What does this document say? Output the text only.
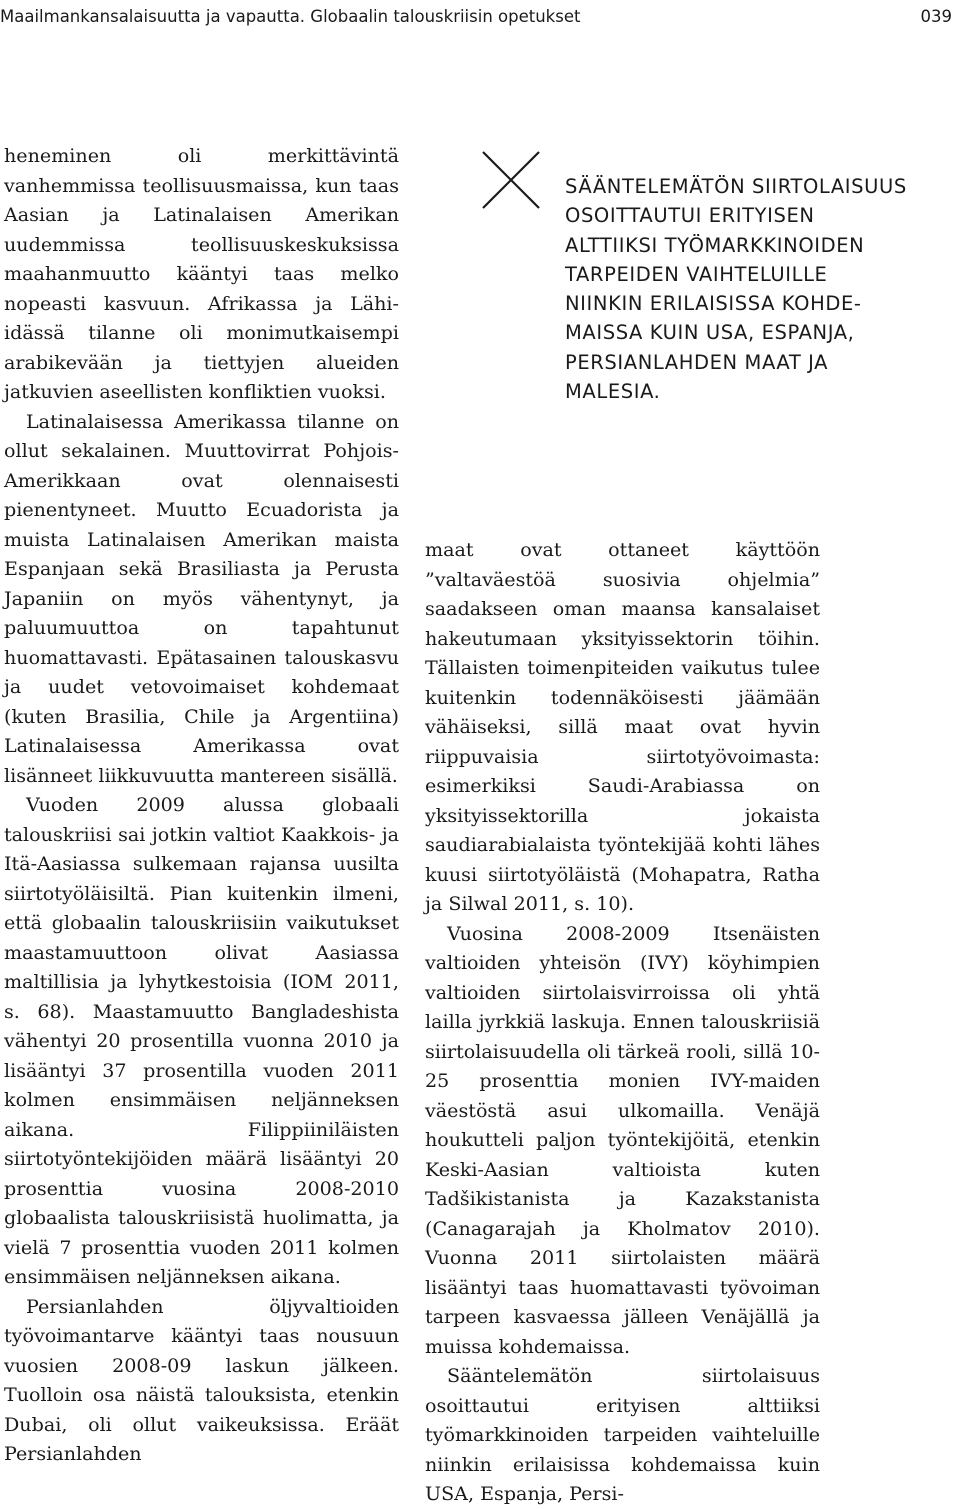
Maailmankansalaisuutta ja vapautta. Globaalin talouskriisin opetukset	039
SÄÄNTELEMÄTÖN SIIRTOLAISUUS
OSOITTAUTUI ERITYISEN
ALTTIIKSI TYÖMARKKINOIDEN
TARPEIDEN VAIHTELUILLE
NIINKIN ERILAISISSA KOHDE-
MAISSA KUIN USA, ESPANJA,
PERSIANLAHDEN MAAT JA
MALESIA.

heneminen oli merkittävintä vanhemmissa teollisuusmaissa, kun taas Aasian ja Latinalaisen Amerikan uudemmissa teollisuuskeskuksissa maahanmuutto kääntyi taas melko nopeasti kasvuun. Afrikassa ja Lähi-idässä tilanne oli monimutkaisempi arabikevään ja tiettyjen alueiden jatkuvien aseellisten konfliktien vuoksi.

Latinalaisessa Amerikassa tilanne on ollut sekalainen. Muuttovirrat Pohjois-Amerikkaan ovat olennaisesti pienentyneet. Muutto Ecuadorista ja muista Latinalaisen Amerikan maista Espanjaan sekä Brasiliasta ja Perusta Japaniin on myös vähentynyt, ja paluumuuttoa on tapahtunut huomattavasti. Epätasainen talouskasvu ja uudet vetovoimaiset kohdemaat (kuten Brasilia, Chile ja Argentiina) Latinalaisessa Amerikassa ovat lisänneet liikkuvuutta mantereen sisällä.

Vuoden 2009 alussa globaali talouskriisi sai jotkin valtiot Kaakkois- ja Itä-Aasiassa sulkemaan rajansa uusilta siirtotyöläisiltä. Pian kuitenkin ilmeni, että globaalin talouskriisiin vaikutukset maastamuuttoon olivat Aasiassa maltillisia ja lyhytkestoisia (IOM 2011, s. 68). Maastamuutto Bangladeshista vähentyi 20 prosentilla vuonna 2010 ja lisääntyi 37 prosentilla vuoden 2011 kolmen ensimmäisen neljänneksen aikana. Filippiiniläisten siirtotyöntekijöiden määrä lisääntyi 20 prosenttia vuosina 2008-2010 globaalista talouskriisistä huolimatta, ja vielä 7 prosenttia vuoden 2011 kolmen ensimmäisen neljänneksen aikana.

Persianlahden öljyvaltioiden työvoimantarve kääntyi taas nousuun vuosien 2008-09 laskun jälkeen. Tuolloin osa näistä talouksista, etenkin Dubai, oli ollut vaikeuksissa. Eräät Persianlahden

maat ovat ottaneet käyttöön ”valtaväestöä suosivia ohjelmia” saadakseen oman maansa kansalaiset hakeutumaan yksityissektorin töihin. Tällaisten toimenpiteiden vaikutus tulee kuitenkin todennäköisesti jäämään vähäiseksi, sillä maat ovat hyvin riippuvaisia siirtotyövoimasta: esimerkiksi Saudi-Arabiassa on yksityissektorilla jokaista saudiarabialaista työntekijää kohti lähes kuusi siirtotyöläistä (Mohapatra, Ratha ja Silwal 2011, s. 10).

Vuosina 2008-2009 Itsenäisten valtioiden yhteisön (IVY) köyhimpien valtioiden siirtolaisvirroissa oli yhtä lailla jyrkkiä laskuja. Ennen talouskriisiä siirtolaisuudella oli tärkeä rooli, sillä 10-25 prosenttia monien IVY-maiden väestöstä asui ulkomailla. Venäjä houkutteli paljon työntekijöitä, etenkin Keski-Aasian valtioista kuten Tadšikistanista ja Kazakstanista (Canagarajah ja Kholmatov 2010). Vuonna 2011 siirtolaisten määrä lisääntyi taas huomattavasti työvoiman tarpeen kasvaessa jälleen Venäjällä ja muissa kohdemaissa.

Sääntelemätön siirtolaisuus osoittautui erityisen alttiiksi työmarkkinoiden tarpeiden vaihteluille niinkin erilaisissa kohdemaissa kuin USA, Espanja, Persi-
